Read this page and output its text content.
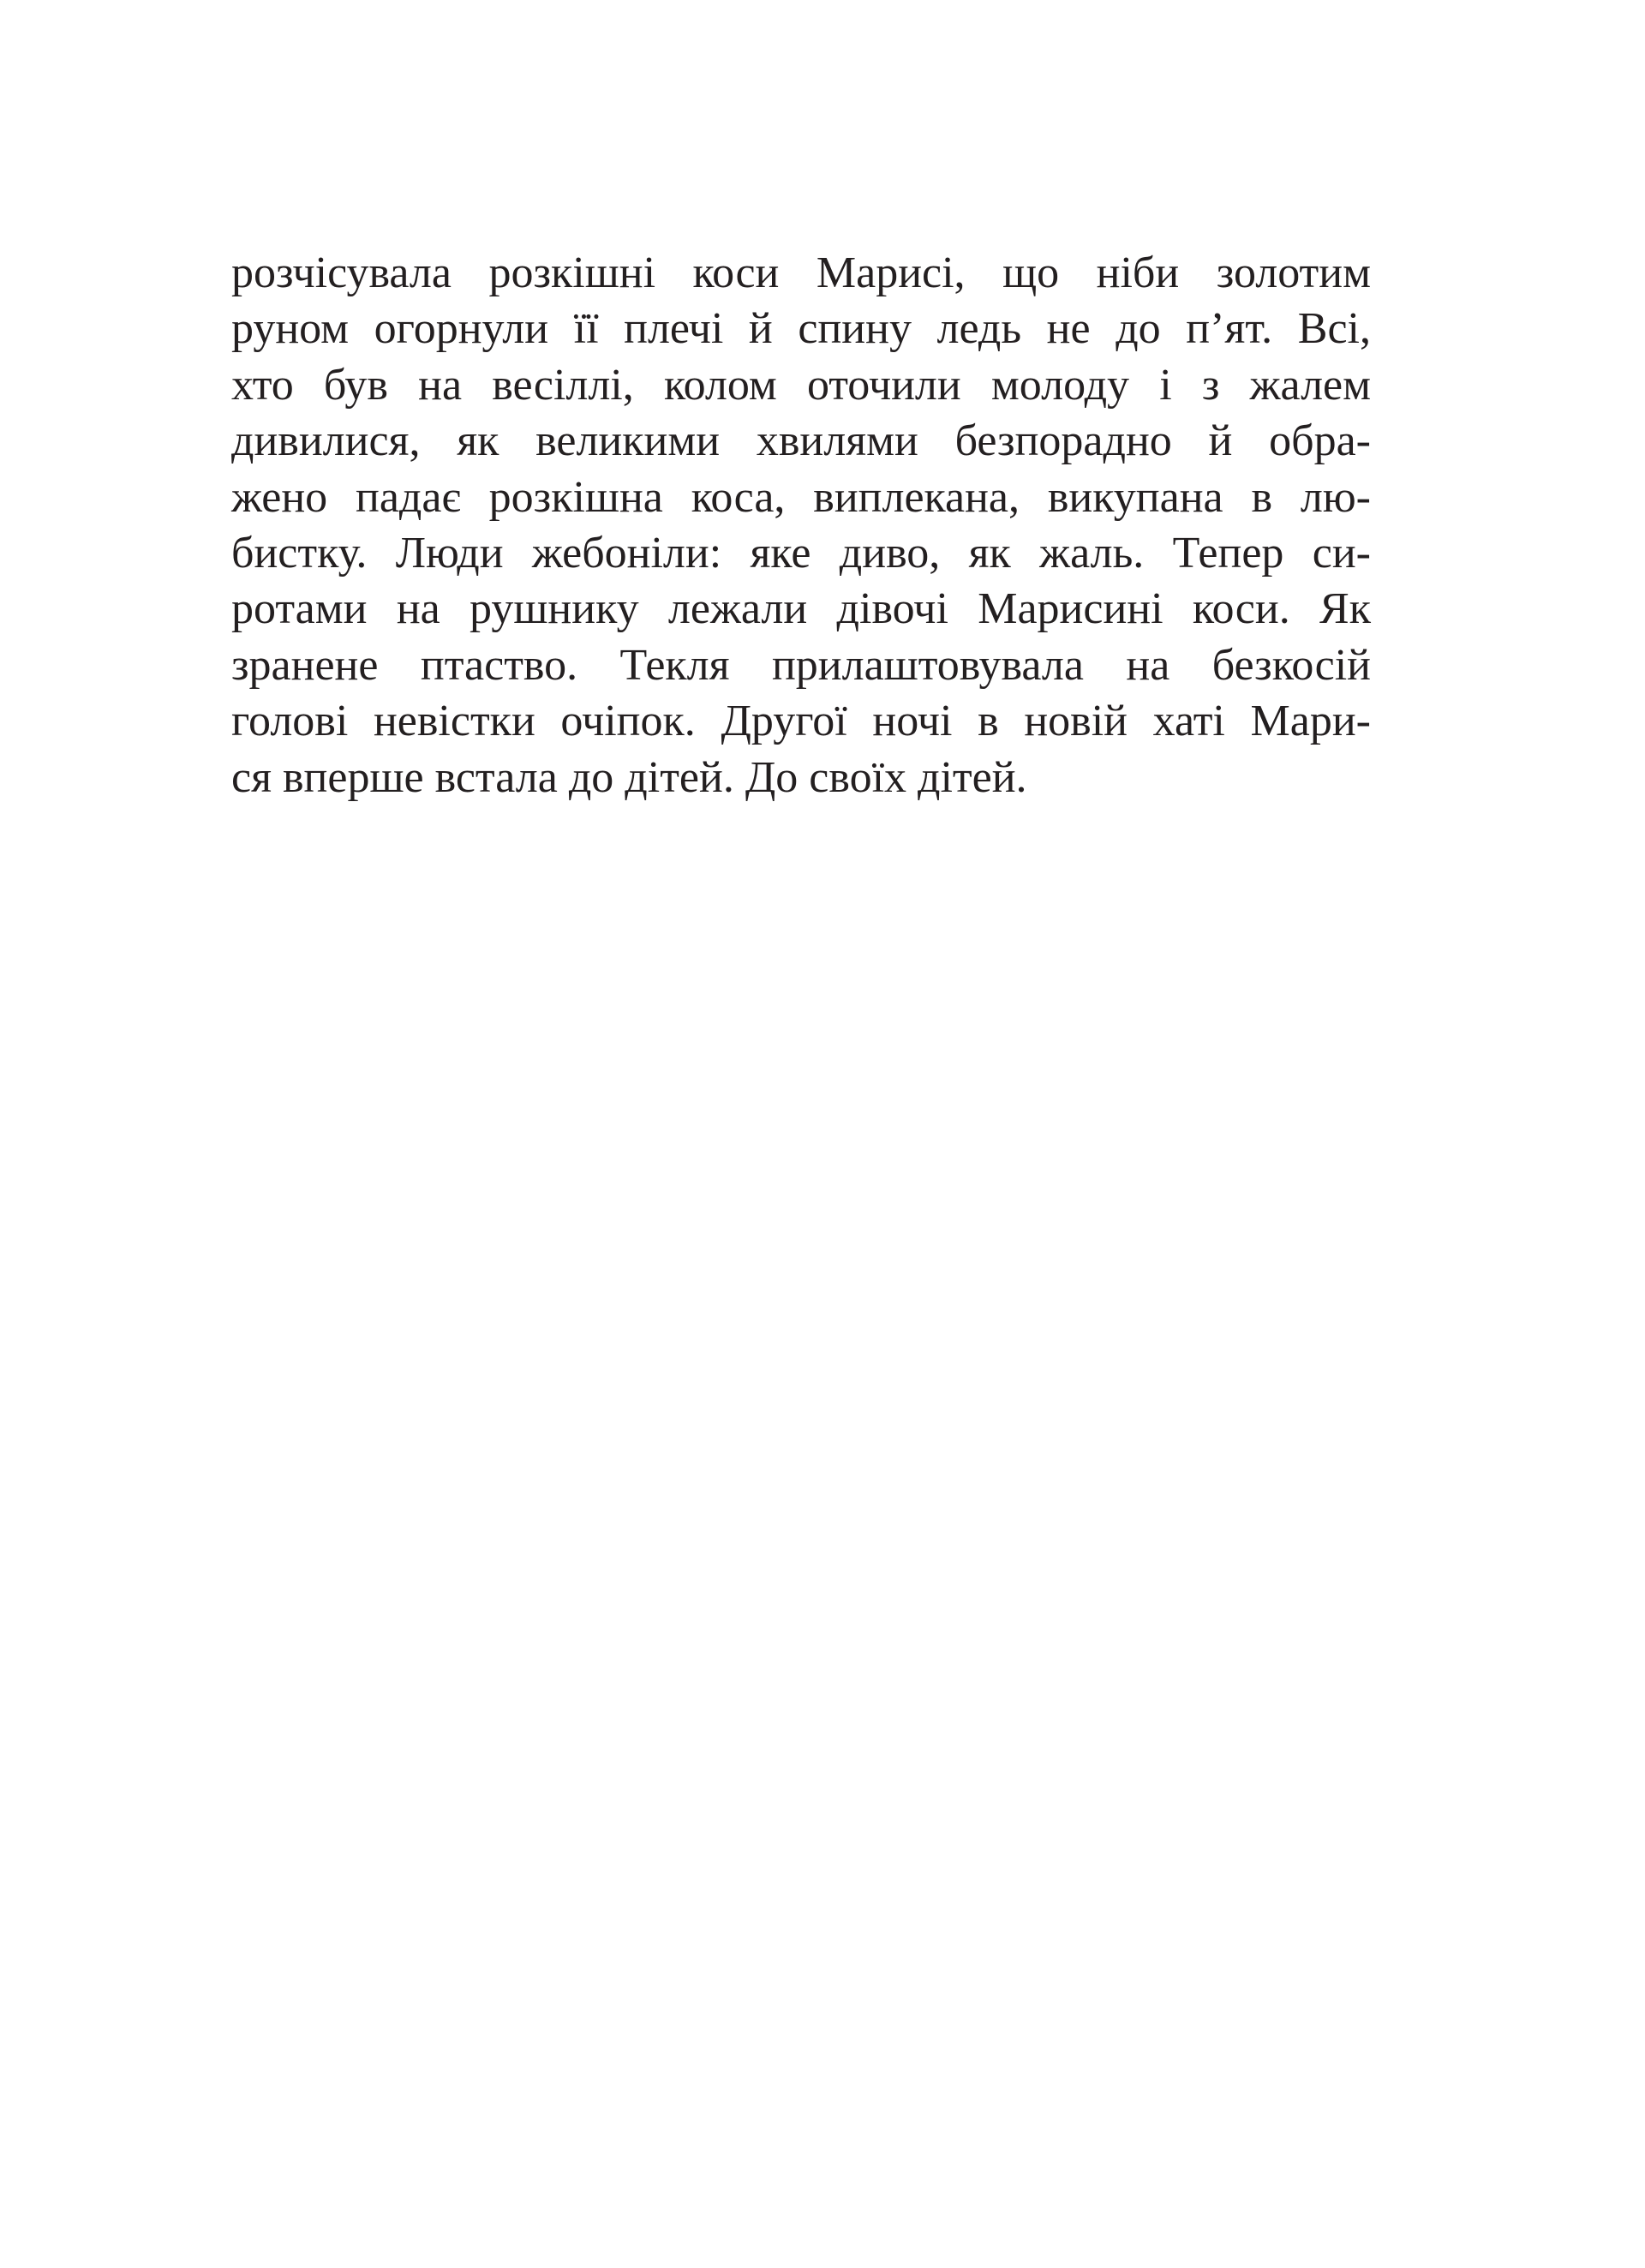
розчісувала розкішні коси Марисі, що ніби золотим
руном огорнули її плечі й спину ледь не до п’ят. Всі,
хто був на весіллі, колом оточили молоду і з жалем
дивилися, як великими хвилями безпорадно й обра-
жено падає розкішна коса, виплекана, викупана в лю-
бистку. Люди жебоніли: яке диво, як жаль. Тепер си-
ротами на рушнику лежали дівочі Марисині коси. Як
зранене птаство. Текля прилаштовувала на безкосій
голові невістки очіпок. Другої ночі в новій хаті Мари-
ся вперше встала до дітей. До своїх дітей.
